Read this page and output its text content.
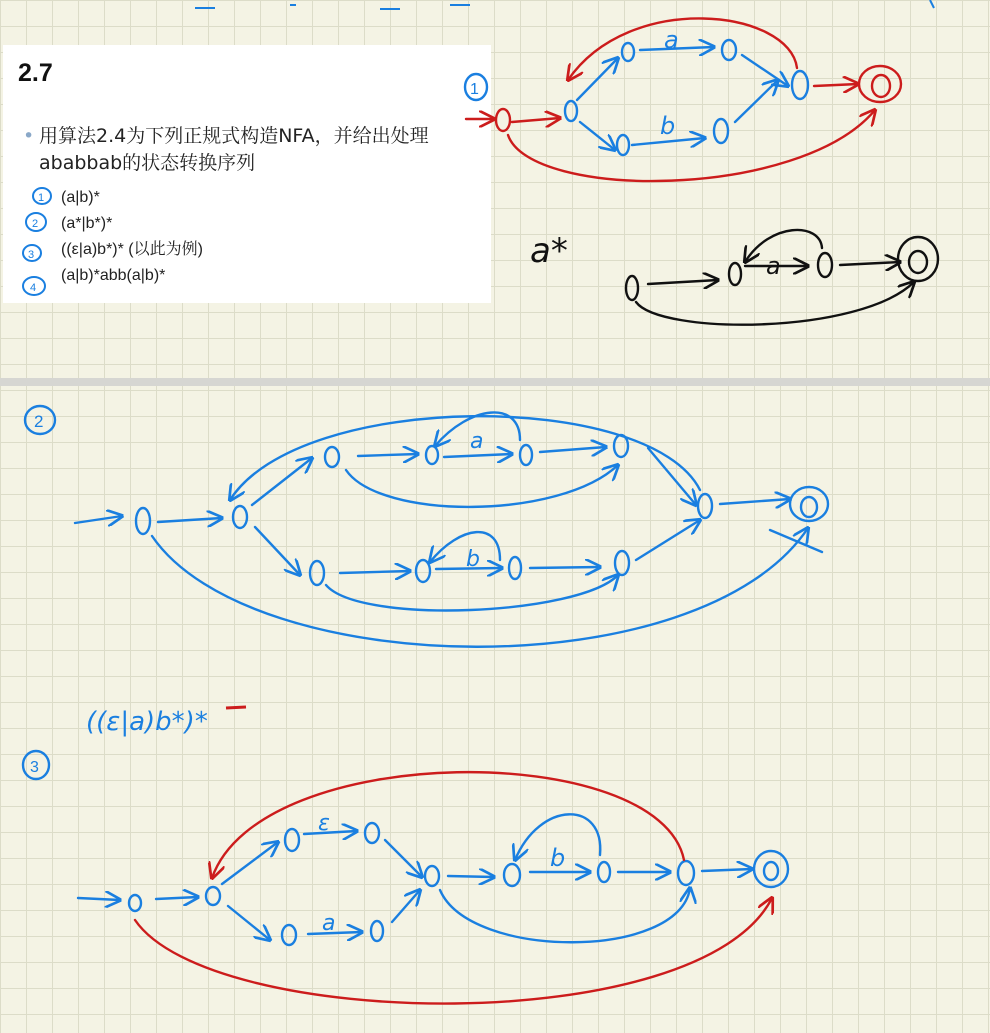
2.7
• 用算法2.4为下列正规式构造NFA，并给出处理ababbab的状态转换序列
(a|b)*
(a*|b*)*
((ε|a)b*)* (以此为例)
(a|b)*abb(a|b)*
1
2
3
4
1
a
b
a*	a
2
a
b
((ε|a)b*)*
3
ε
a
b
